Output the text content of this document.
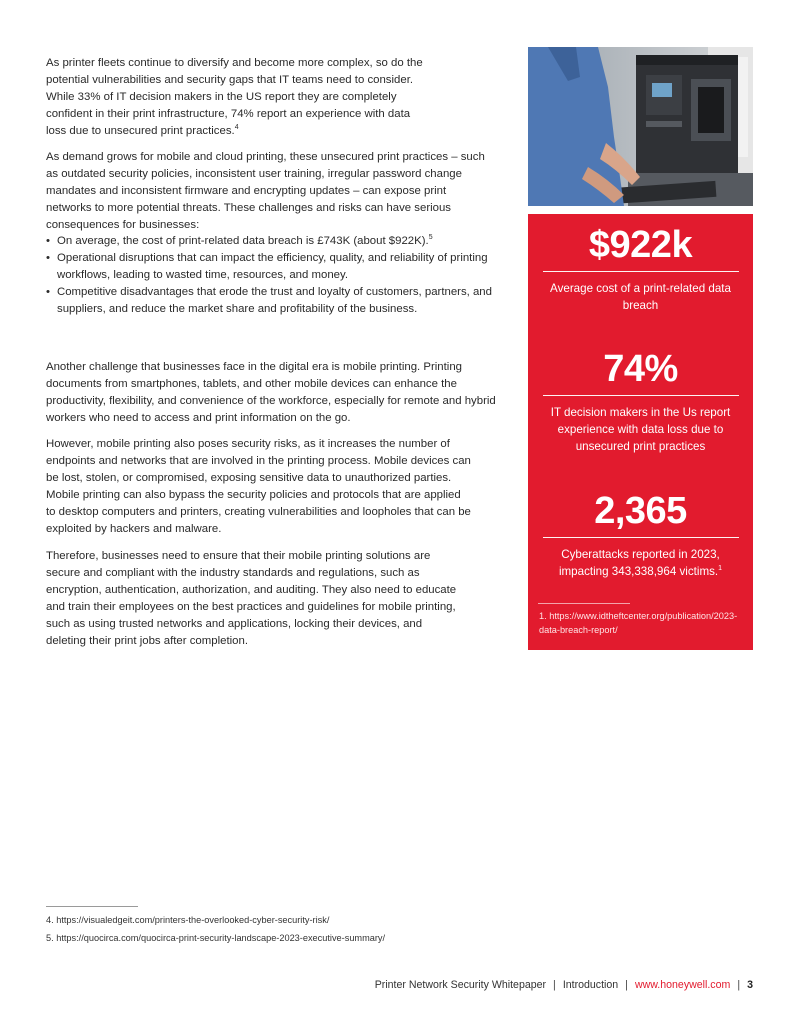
As printer fleets continue to diversify and become more complex, so do the potential vulnerabilities and security gaps that IT teams need to consider. While 33% of IT decision makers in the US report they are completely confident in their print infrastructure, 74% report an experience with data loss due to unsecured print practices.$^4$

As demand grows for mobile and cloud printing, these unsecured print practices – such as outdated security policies, inconsistent user training, irregular password change mandates and inconsistent firmware and encrypting updates – can expose print networks to more potential threats. These challenges and risks can have serious consequences for businesses:

• On average, the cost of print-related data breach is £743K (about $922K).$^5$
• Operational disruptions that can impact the efficiency, quality, and reliability of printing workflows, leading to wasted time, resources, and money.
• Competitive disadvantages that erode the trust and loyalty of customers, partners, and suppliers, and reduce the market share and profitability of the business.

Another challenge that businesses face in the digital era is mobile printing. Printing documents from smartphones, tablets, and other mobile devices can enhance the productivity, flexibility, and convenience of the workforce, especially for remote and hybrid workers who need to access and print information on the go.

However, mobile printing also poses security risks, as it increases the number of endpoints and networks that are involved in the printing process. Mobile devices can be lost, stolen, or compromised, exposing sensitive data to unauthorized parties. Mobile printing can also bypass the security policies and protocols that are applied to desktop computers and printers, creating vulnerabilities and loopholes that can be exploited by hackers and malware.

Therefore, businesses need to ensure that their mobile printing solutions are secure and compliant with the industry standards and regulations, such as encryption, authentication, authorization, and auditing. They also need to educate and train their employees on the best practices and guidelines for mobile printing, such as using trusted networks and applications, locking their devices, and deleting their print jobs after completion.

$922k
Average cost of a print-related data breach
74%
IT decision makers in the Us report experience with data loss due to unsecured print practices
2,365
Cyberattacks reported in 2023, impacting 343,338,964 victims.$^1$
1. https://www.idtheftcenter.org/publication/2023-data-breach-report/
4. https://visualedgeit.com/printers-the-overlooked-cyber-security-risk/
5. https://quocirca.com/quocirca-print-security-landscape-2023-executive-summary/
Printer Network Security Whitepaper | Introduction | www.honeywell.com | 3
